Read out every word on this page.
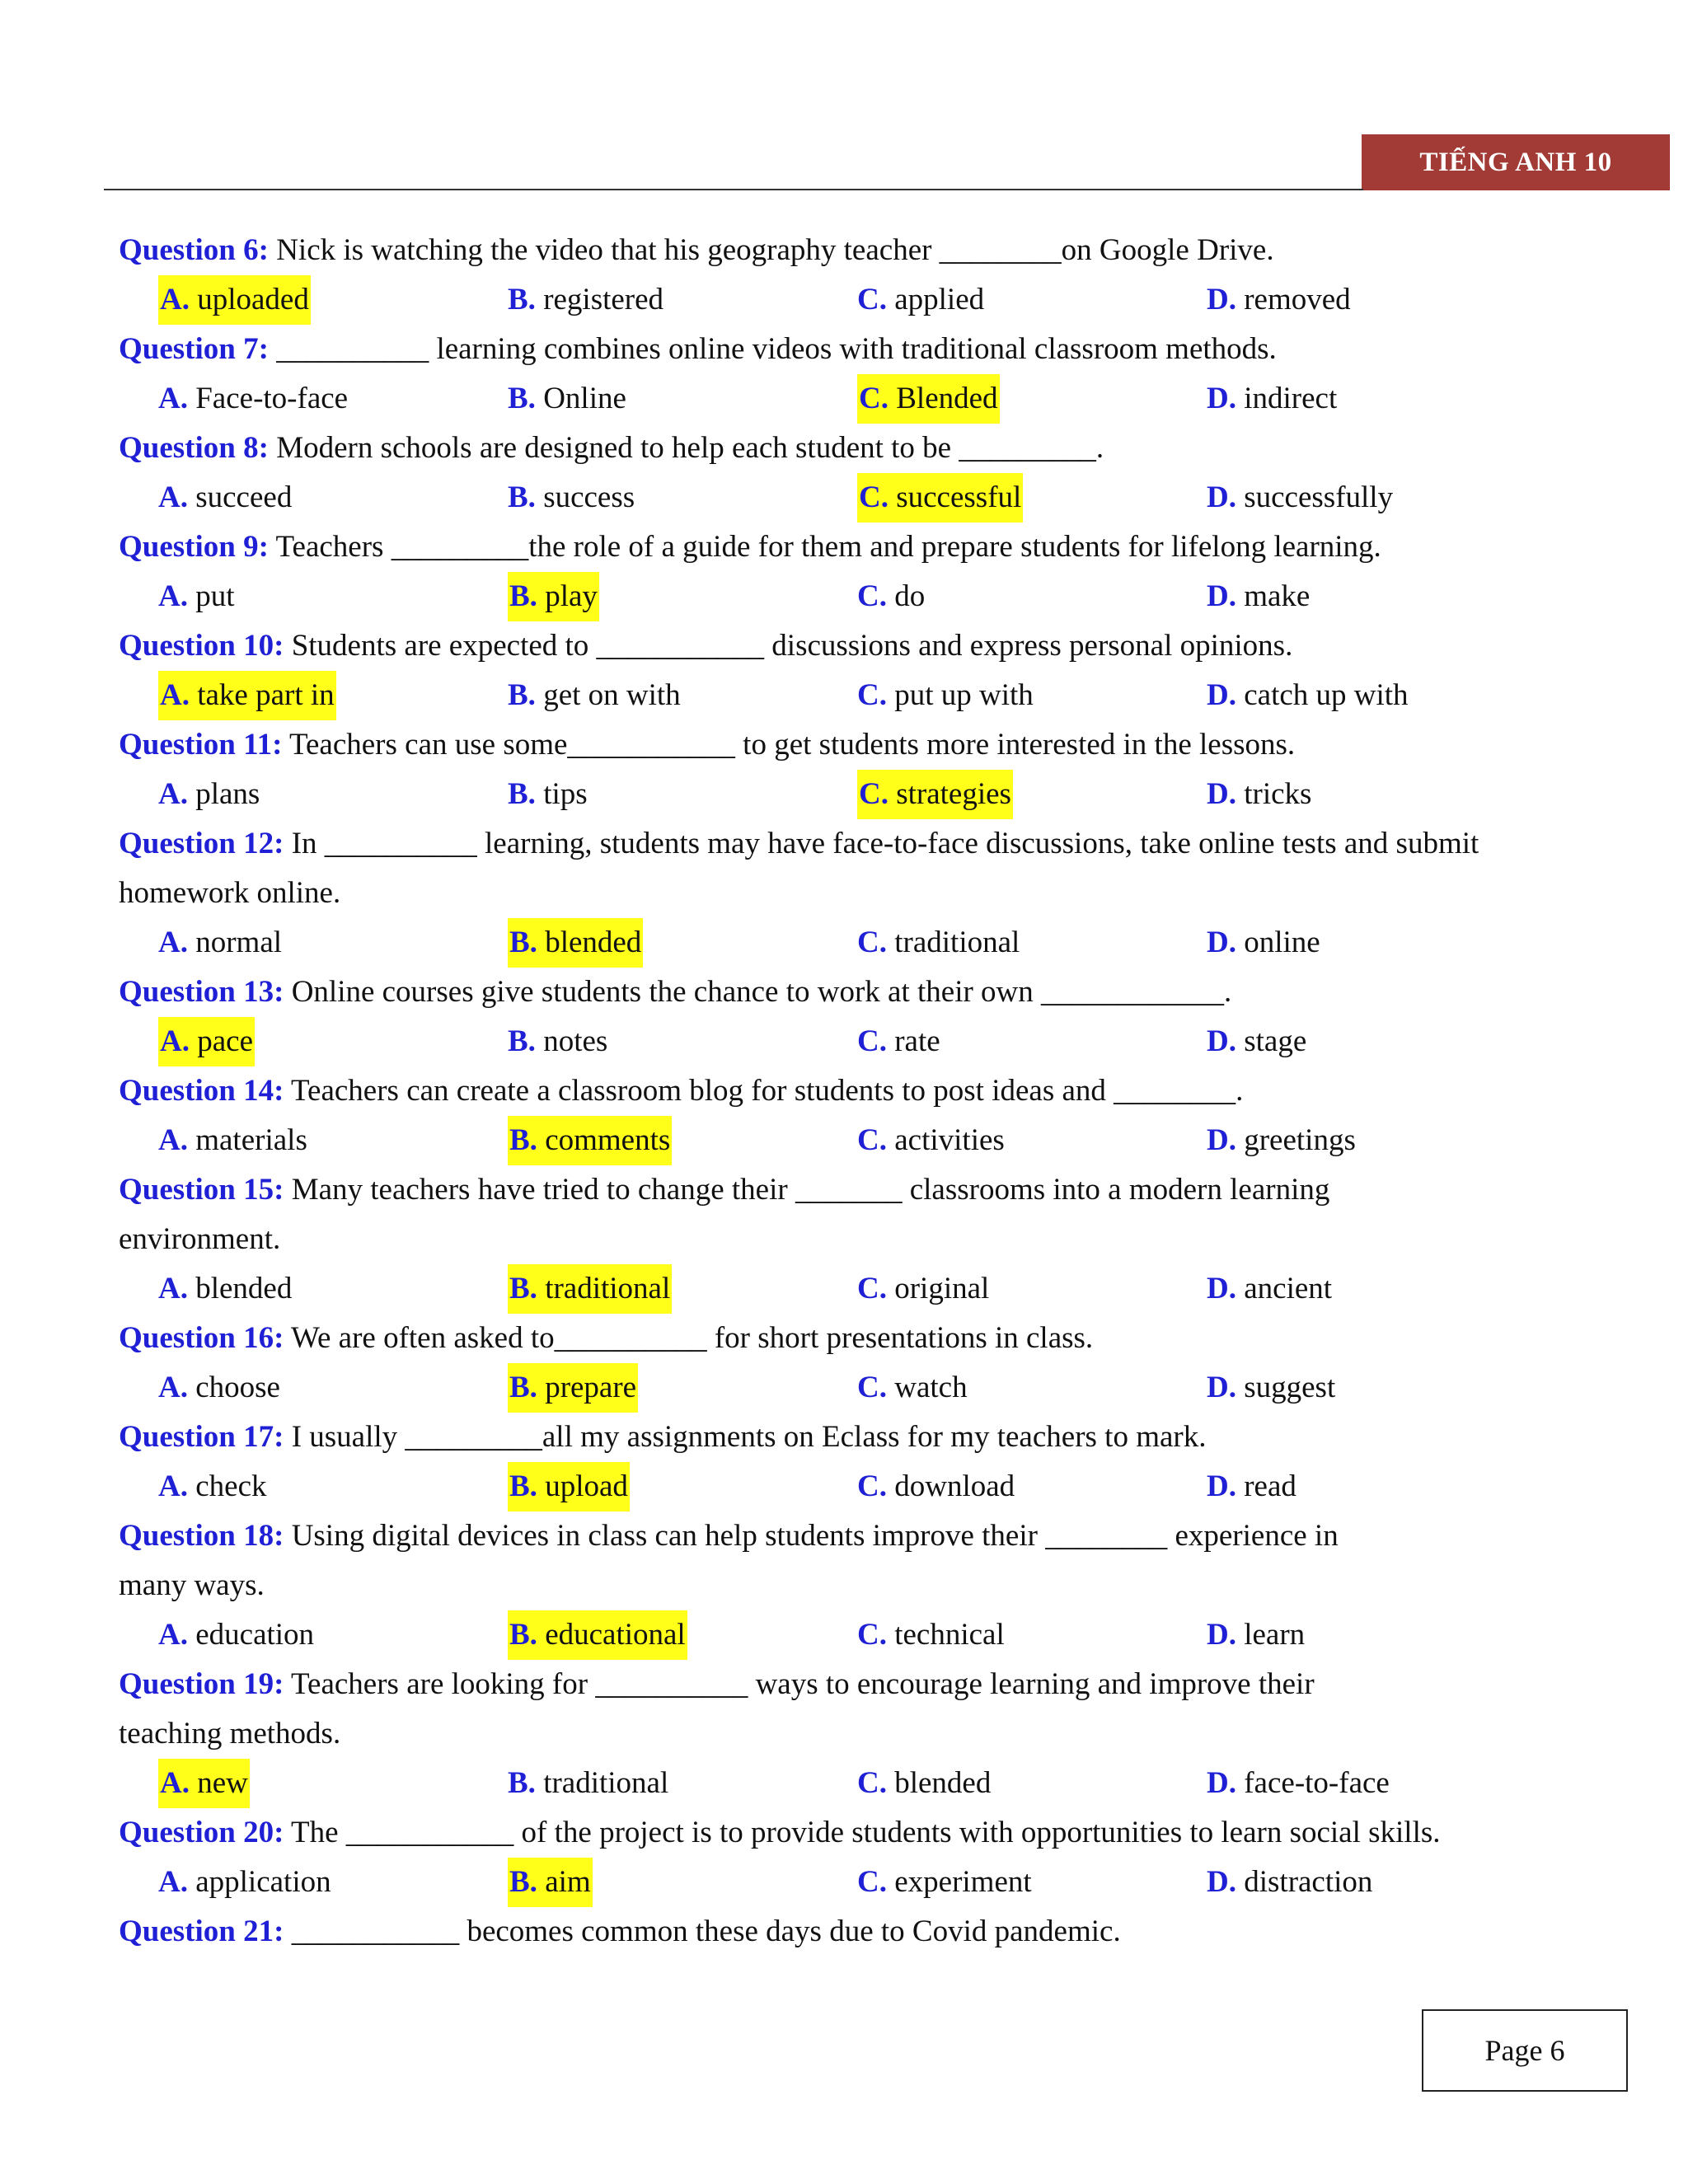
TIẾNG ANH 10
Question 6: Nick is watching the video that his geography teacher ________on Google Drive.
A. uploaded	B. registered	C. applied	D. removed
Question 7: __________ learning combines online videos with traditional classroom methods.
A. Face-to-face	B. Online	C. Blended	D. indirect
Question 8: Modern schools are designed to help each student to be _________.
A. succeed	B. success	C. successful	D. successfully
Question 9: Teachers _________the role of a guide for them and prepare students for lifelong learning.
A. put	B. play	C. do	D. make
Question 10: Students are expected to ___________ discussions and express personal opinions.
A. take part in	B. get on with	C. put up with	D. catch up with
Question 11: Teachers can use some___________ to get students more interested in the lessons.
A. plans	B. tips	C. strategies	D. tricks
Question 12: In __________ learning, students may have face-to-face discussions, take online tests and submit
homework online.
A. normal	B. blended	C. traditional	D. online
Question 13: Online courses give students the chance to work at their own ____________.
A. pace	B. notes	C. rate	D. stage
Question 14: Teachers can create a classroom blog for students to post ideas and ________.
A. materials	B. comments	C. activities	D. greetings
Question 15: Many teachers have tried to change their _______ classrooms into a modern learning
environment.
A. blended	B. traditional	C. original	D. ancient
Question 16: We are often asked to__________ for short presentations in class.
A. choose	B. prepare	C. watch	D. suggest
Question 17: I usually _________all my assignments on Eclass for my teachers to mark.
A. check	B. upload	C. download	D. read
Question 18: Using digital devices in class can help students improve their ________ experience in
many ways.
A. education	B. educational	C. technical	D. learn
Question 19: Teachers are looking for __________ ways to encourage learning and improve their
teaching methods.
A. new	B. traditional	C. blended	D. face-to-face
Question 20: The ___________ of the project is to provide students with opportunities to learn social skills.
A. application	B. aim	C. experiment	D. distraction
Question 21: ___________ becomes common these days due to Covid pandemic.
Page 6
